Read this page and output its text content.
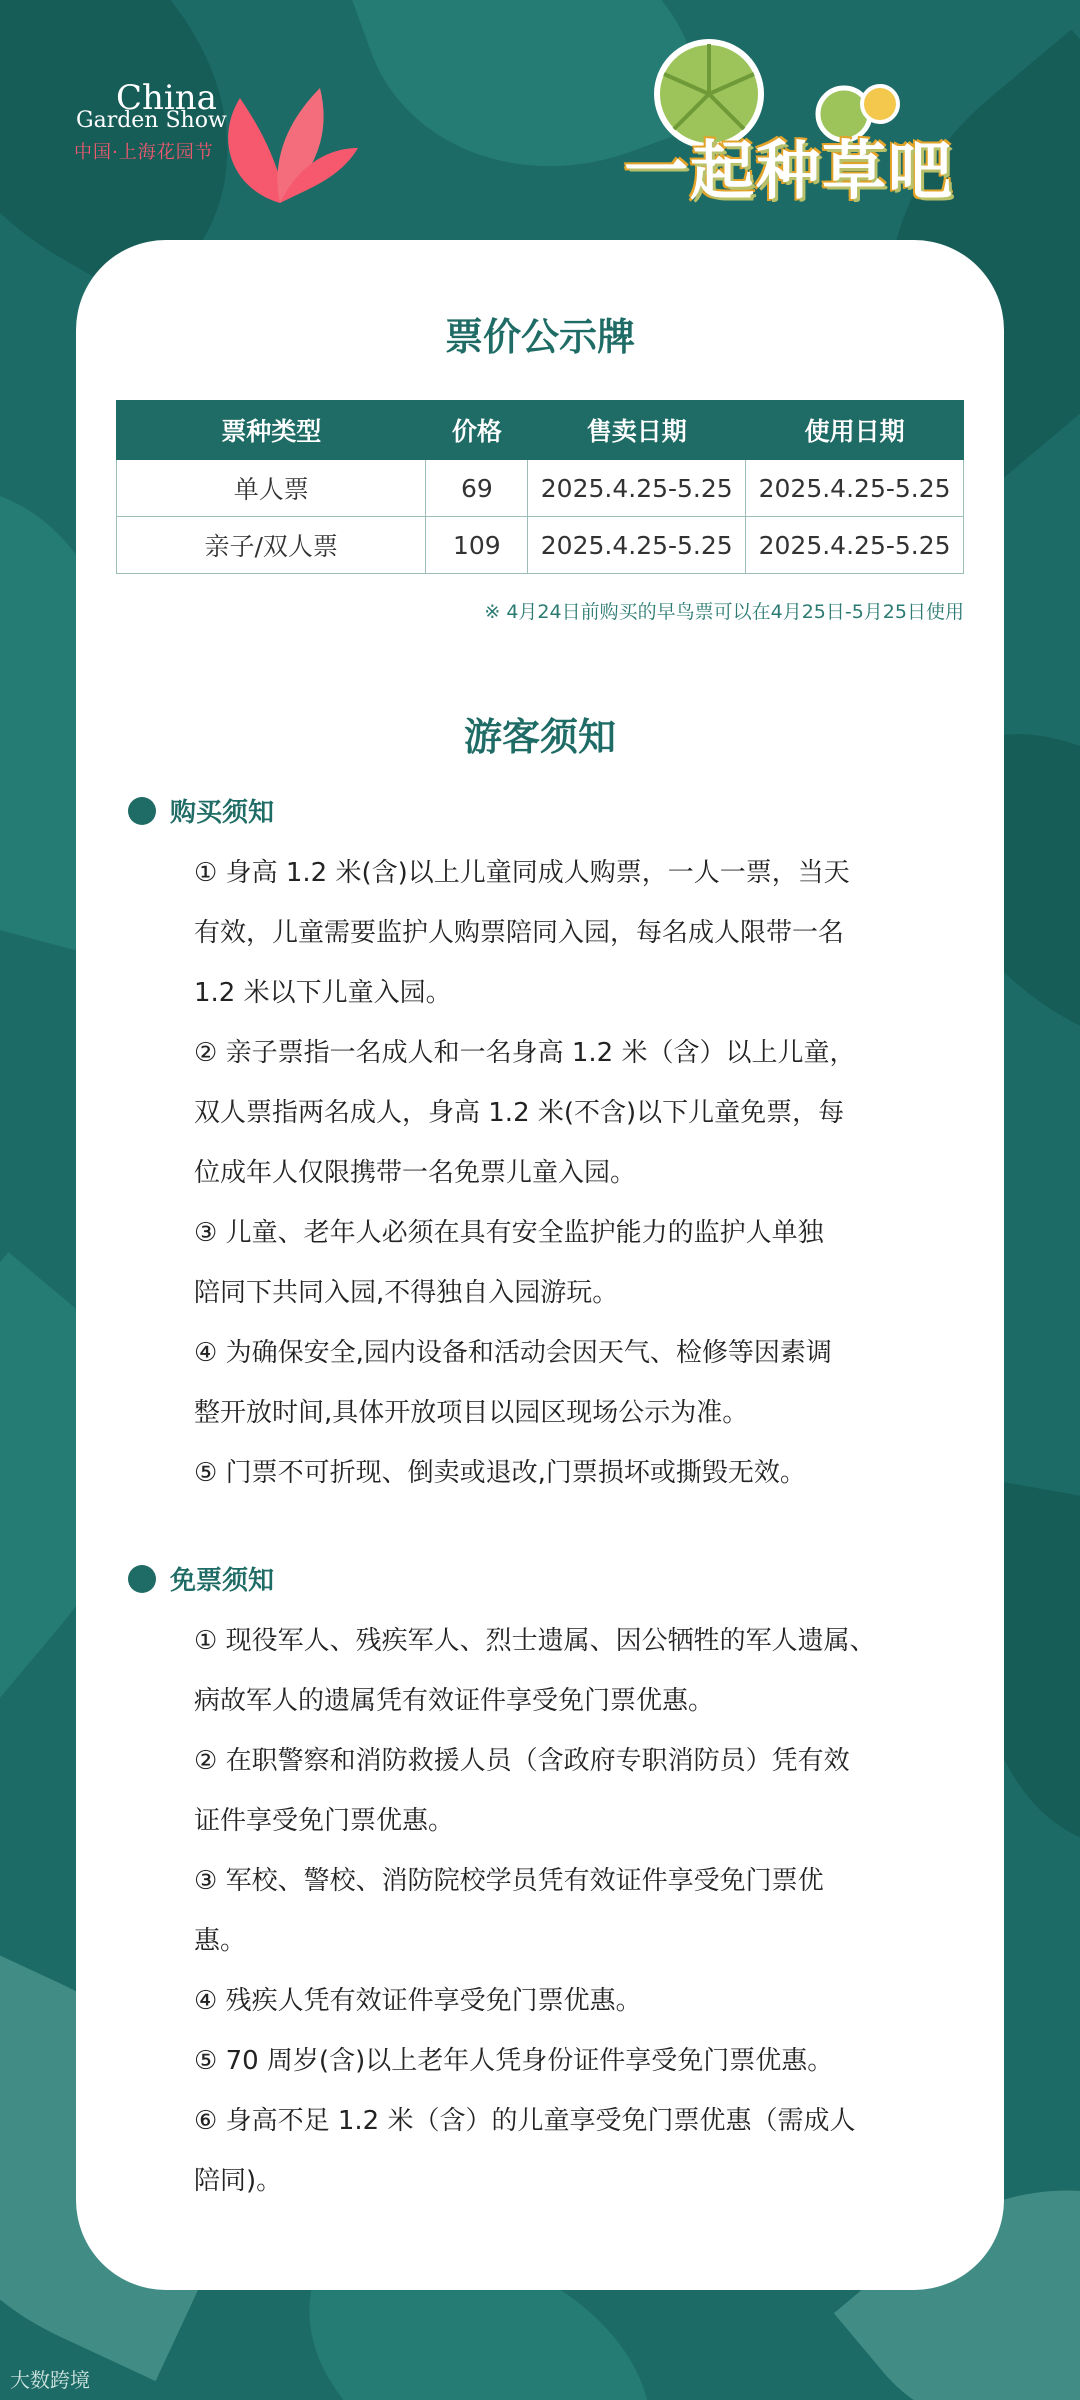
China
Garden Show
中国·上海花园节	一起种草吧
票价公示牌
票种类型	价格	售卖日期	使用日期
单人票	69	2025.4.25-5.25	2025.4.25-5.25
亲子/双人票	109	2025.4.25-5.25	2025.4.25-5.25
※ 4月24日前购买的早鸟票可以在4月25日-5月25日使用
游客须知
购买须知

① 身高 1.2 米(含)以上儿童同成人购票，一人一票，当天

有效，儿童需要监护人购票陪同入园，每名成人限带一名

1.2 米以下儿童入园。

② 亲子票指一名成人和一名身高 1.2 米（含）以上儿童，

双人票指两名成人，身高 1.2 米(不含)以下儿童免票，每

位成年人仅限携带一名免票儿童入园。

③ 儿童、老年人必须在具有安全监护能力的监护人单独

陪同下共同入园,不得独自入园游玩。

④ 为确保安全,园内设备和活动会因天气、检修等因素调

整开放时间,具体开放项目以园区现场公示为准。

⑤ 门票不可折现、倒卖或退改,门票损坏或撕毁无效。

免票须知

① 现役军人、残疾军人、烈士遗属、因公牺牲的军人遗属、

病故军人的遗属凭有效证件享受免门票优惠。

② 在职警察和消防救援人员（含政府专职消防员）凭有效

证件享受免门票优惠。

③ 军校、警校、消防院校学员凭有效证件享受免门票优

惠。

④ 残疾人凭有效证件享受免门票优惠。

⑤ 70 周岁(含)以上老年人凭身份证件享受免门票优惠。

⑥ 身高不足 1.2 米（含）的儿童享受免门票优惠（需成人

陪同)。

大数跨境
